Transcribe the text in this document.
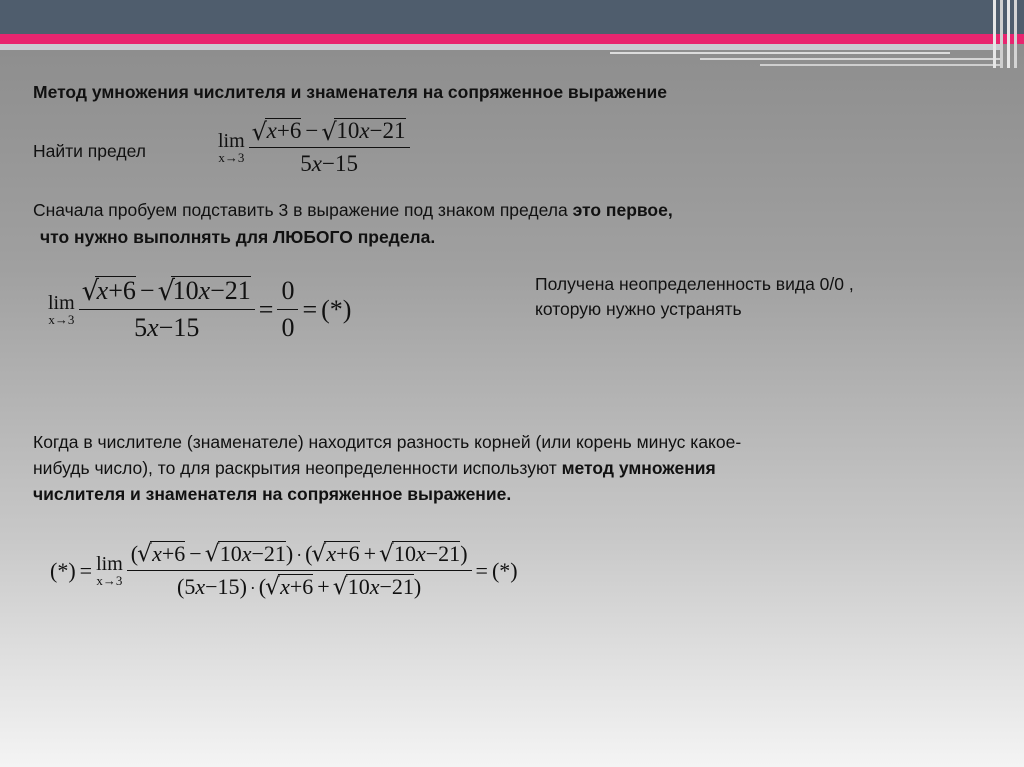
Метод умножения числителя и знаменателя на сопряженное выражение
Найти предел	lim
x→3 √ $\frac{x+6 - √ 10x-21}{5x-15}$
Сначала пробуем подставить 3 в выражение под знаком предела это первое,
что нужно выполнять для ЛЮБОГО предела.
lim
x→3 √ $\frac{x+6 - √ 10x-21}{5x-15} = \frac{0}{0}$ = (*)
Получена неопределенность вида 0/0 ,
которую нужно устранять
Когда в числителе (знаменателе) находится разность корней (или корень минус какое-
нибудь число), то для раскрытия неопределенности используют метод умножения
числителя и знаменателя на сопряженное выражение.
(*) = lim
$x\to 3 \frac{( √ x+6 - √ 10x-21) \cdot ( √ x+6 + √ 10x-21)}{(5x-15) \cdot ( √ x+6 + √ 10x-21)}$ = (*)
